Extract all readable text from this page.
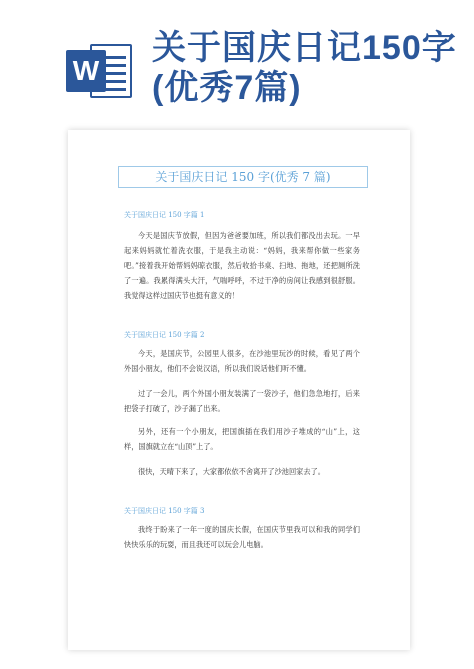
W
关于国庆日记150字(优秀7篇)
关于国庆日记 150 字(优秀 7 篇)
关于国庆日记 150 字篇 1

今天是国庆节放假，但因为爸爸要加班，所以我们都没出去玩。一早起来妈妈就忙着洗衣服，于是我主动说：“妈妈，我来帮你做一些家务吧。”接着我开始帮妈妈晾衣服，然后收拾书桌、扫地、拖地，还把厕所洗了一遍。我累得满头大汗，气喘呼呼，不过干净的房间让我感到很舒服。我觉得这样过国庆节也挺有意义的！

关于国庆日记 150 字篇 2

今天，是国庆节，公园里人很多，在沙池里玩沙的时候，看见了两个外国小朋友，他们不会说汉语，所以我们说话他们听不懂。

过了一会儿，两个外国小朋友装满了一袋沙子，他们急急地打，后来把袋子打破了，沙子漏了出来。

另外，还有一个小朋友，把国旗插在我们用沙子堆成的“山”上，这样，国旗就立在“山顶”上了。

很快，天晴下来了，大家都依依不舍离开了沙池回家去了。

关于国庆日记 150 字篇 3

我终于盼来了一年一度的国庆长假，在国庆节里我可以和我的同学们快快乐乐的玩耍，而且我还可以玩会儿电脑。
